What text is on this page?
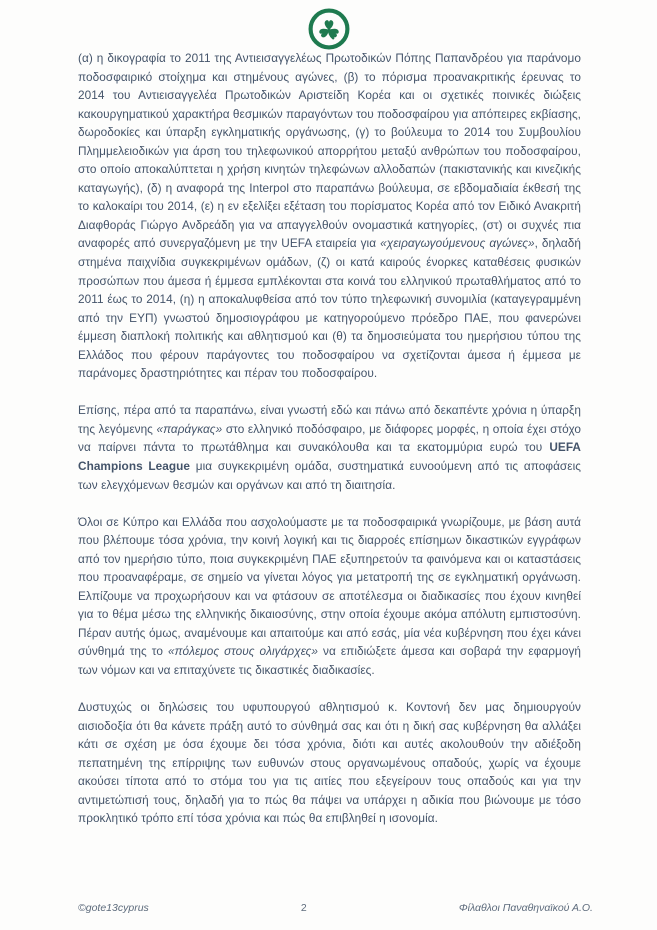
(α) η δικογραφία το 2011 της Αντιεισαγγελέως Πρωτοδικών Πόπης Παπανδρέου για παράνομο ποδοσφαιρικό στοίχημα και στημένους αγώνες, (β) το πόρισμα προανακριτικής έρευνας το 2014 του Αντιεισαγγελέα Πρωτοδικών Αριστείδη Κορέα και οι σχετικές ποινικές διώξεις κακουργηματικού χαρακτήρα θεσμικών παραγόντων του ποδοσφαίρου για απόπειρες εκβίασης, δωροδοκίες και ύπαρξη εγκληματικής οργάνωσης, (γ) το βούλευμα το 2014 του Συμβουλίου Πλημμελειοδικών για άρση του τηλεφωνικού απορρήτου μεταξύ ανθρώπων του ποδοσφαίρου, στο οποίο αποκαλύπτεται η χρήση κινητών τηλεφώνων αλλοδαπών (πακιστανικής και κινεζικής καταγωγής), (δ) η αναφορά της Interpol στο παραπάνω βούλευμα, σε εβδομαδιαία έκθεσή της το καλοκαίρι του 2014, (ε) η εν εξελίξει εξέταση του πορίσματος Κορέα από τον Ειδικό Ανακριτή Διαφθοράς Γιώργο Ανδρεάδη για να απαγγελθούν ονομαστικά κατηγορίες, (στ) οι συχνές πια αναφορές από συνεργαζόμενη με την UEFA εταιρεία για «χειραγωγούμενους αγώνες», δηλαδή στημένα παιχνίδια συγκεκριμένων ομάδων, (ζ) οι κατά καιρούς ένορκες καταθέσεις φυσικών προσώπων που άμεσα ή έμμεσα εμπλέκονται στα κοινά του ελληνικού πρωταθλήματος από το 2011 έως το 2014, (η) η αποκαλυφθείσα από τον τύπο τηλεφωνική συνομιλία (καταγεγραμμένη από την ΕΥΠ) γνωστού δημοσιογράφου με κατηγορούμενο πρόεδρο ΠΑΕ, που φανερώνει έμμεση διαπλοκή πολιτικής και αθλητισμού και (θ) τα δημοσιεύματα του ημερήσιου τύπου της Ελλάδος που φέρουν παράγοντες του ποδοσφαίρου να σχετίζονται άμεσα ή έμμεσα με παράνομες δραστηριότητες και πέραν του ποδοσφαίρου.

Επίσης, πέρα από τα παραπάνω, είναι γνωστή εδώ και πάνω από δεκαπέντε χρόνια η ύπαρξη της λεγόμενης «παράγκας» στο ελληνικό ποδόσφαιρο, με διάφορες μορφές, η οποία έχει στόχο να παίρνει πάντα το πρωτάθλημα και συνακόλουθα και τα εκατομμύρια ευρώ του UEFA Champions League μια συγκεκριμένη ομάδα, συστηματικά ευνοούμενη από τις αποφάσεις των ελεγχόμενων θεσμών και οργάνων και από τη διαιτησία.

Όλοι σε Κύπρο και Ελλάδα που ασχολούμαστε με τα ποδοσφαιρικά γνωρίζουμε, με βάση αυτά που βλέπουμε τόσα χρόνια, την κοινή λογική και τις διαρροές επίσημων δικαστικών εγγράφων από τον ημερήσιο τύπο, ποια συγκεκριμένη ΠΑΕ εξυπηρετούν τα φαινόμενα και οι καταστάσεις που προαναφέραμε, σε σημείο να γίνεται λόγος για μετατροπή της σε εγκληματική οργάνωση. Ελπίζουμε να προχωρήσουν και να φτάσουν σε αποτέλεσμα οι διαδικασίες που έχουν κινηθεί για το θέμα μέσω της ελληνικής δικαιοσύνης, στην οποία έχουμε ακόμα απόλυτη εμπιστοσύνη. Πέραν αυτής όμως, αναμένουμε και απαιτούμε και από εσάς, μία νέα κυβέρνηση που έχει κάνει σύνθημά της το «πόλεμος στους ολιγάρχες» να επιδιώξετε άμεσα και σοβαρά την εφαρμογή των νόμων και να επιταχύνετε τις δικαστικές διαδικασίες.

Δυστυχώς οι δηλώσεις του υφυπουργού αθλητισμού κ. Κοντονή δεν μας δημιουργούν αισιοδοξία ότι θα κάνετε πράξη αυτό το σύνθημά σας και ότι η δική σας κυβέρνηση θα αλλάξει κάτι σε σχέση με όσα έχουμε δει τόσα χρόνια, διότι και αυτές ακολουθούν την αδιέξοδη πεπατημένη της επίρριψης των ευθυνών στους οργανωμένους οπαδούς, χωρίς να έχουμε ακούσει τίποτα από το στόμα του για τις αιτίες που εξεγείρουν τους οπαδούς και για την αντιμετώπισή τους, δηλαδή για το πώς θα πάψει να υπάρχει η αδικία που βιώνουμε με τόσο προκλητικό τρόπο επί τόσα χρόνια και πώς θα επιβληθεί η ισονομία.

©gote13cyprus	2	Φίλαθλοι Παναθηναϊκού Α.Ο.
